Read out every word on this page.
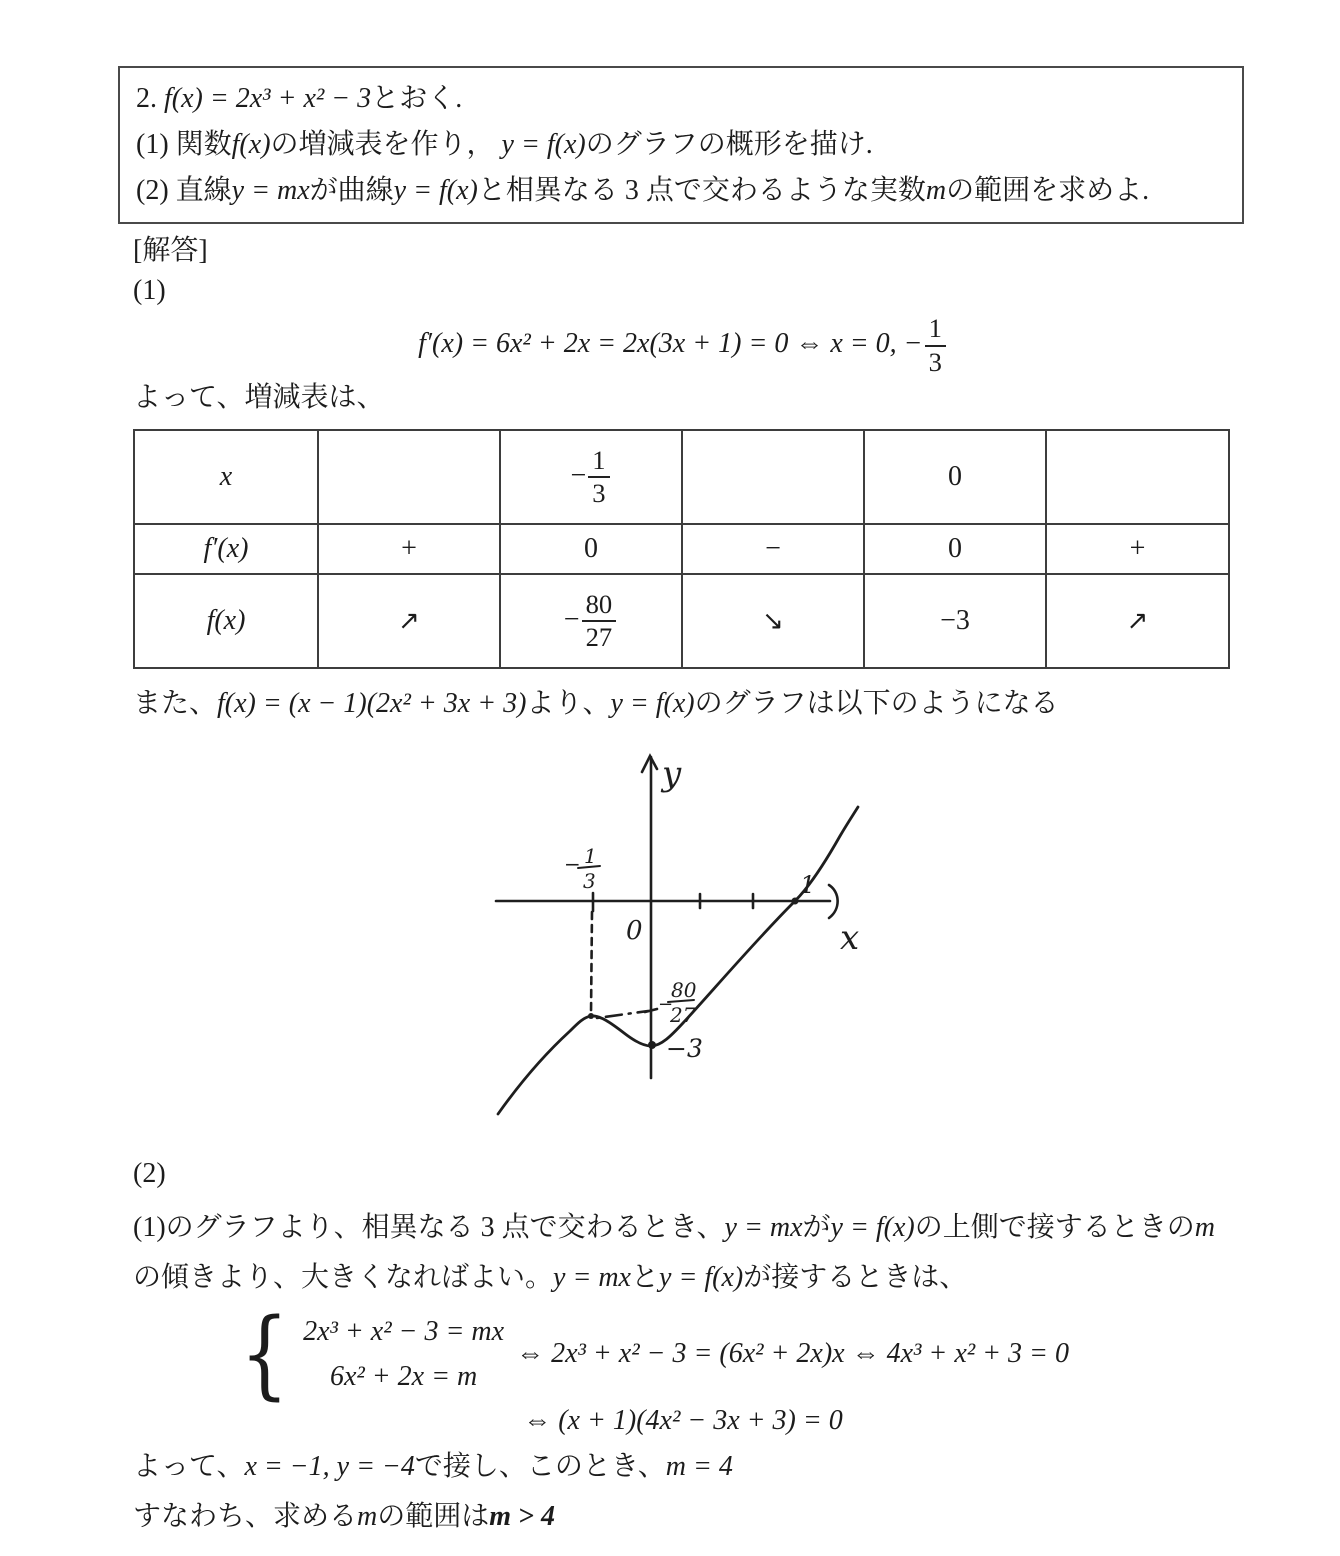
2. f(x) = 2x³ + x² − 3とおく.
(1) 関数f(x)の増減表を作り， y = f(x)のグラフの概形を描け.
(2) 直線y = mxが曲線y = f(x)と相異なる 3 点で交わるような実数mの範囲を求めよ.
[解答]
(1)
f′(x) = 6x² + 2x = 2x(3x + 1) = 0 ⇔ x = 0, − $\frac{1}{3}$
よって、増減表は、
x		− $\frac{1}{3}$		0	
f′(x)	+	0	−	0	+
f(x)	↗	− $\frac{80}{27}$	↘	−3	↗
また、f(x) = (x − 1)(2x² + 3x + 3)より、y = f(x)のグラフは以下のようになる
y
x
0
1
− 1
3
−
80
27
−3
(2)
(1)のグラフより、相異なる 3 点で交わるとき、y = mxがy = f(x)の上側で接するときのm
の傾きより、大きくなればよい。y = mxとy = f(x)が接するときは、
{ 2x³ + x² − 3 = mx
6x² + 2x = m
⇔ 2x³ + x² − 3 = (6x² + 2x)x ⇔ 4x³ + x² + 3 = 0
⇔ (x + 1)(4x² − 3x + 3) = 0
よって、x = −1, y = −4で接し、このとき、m = 4
すなわち、求めるmの範囲はm > 4
